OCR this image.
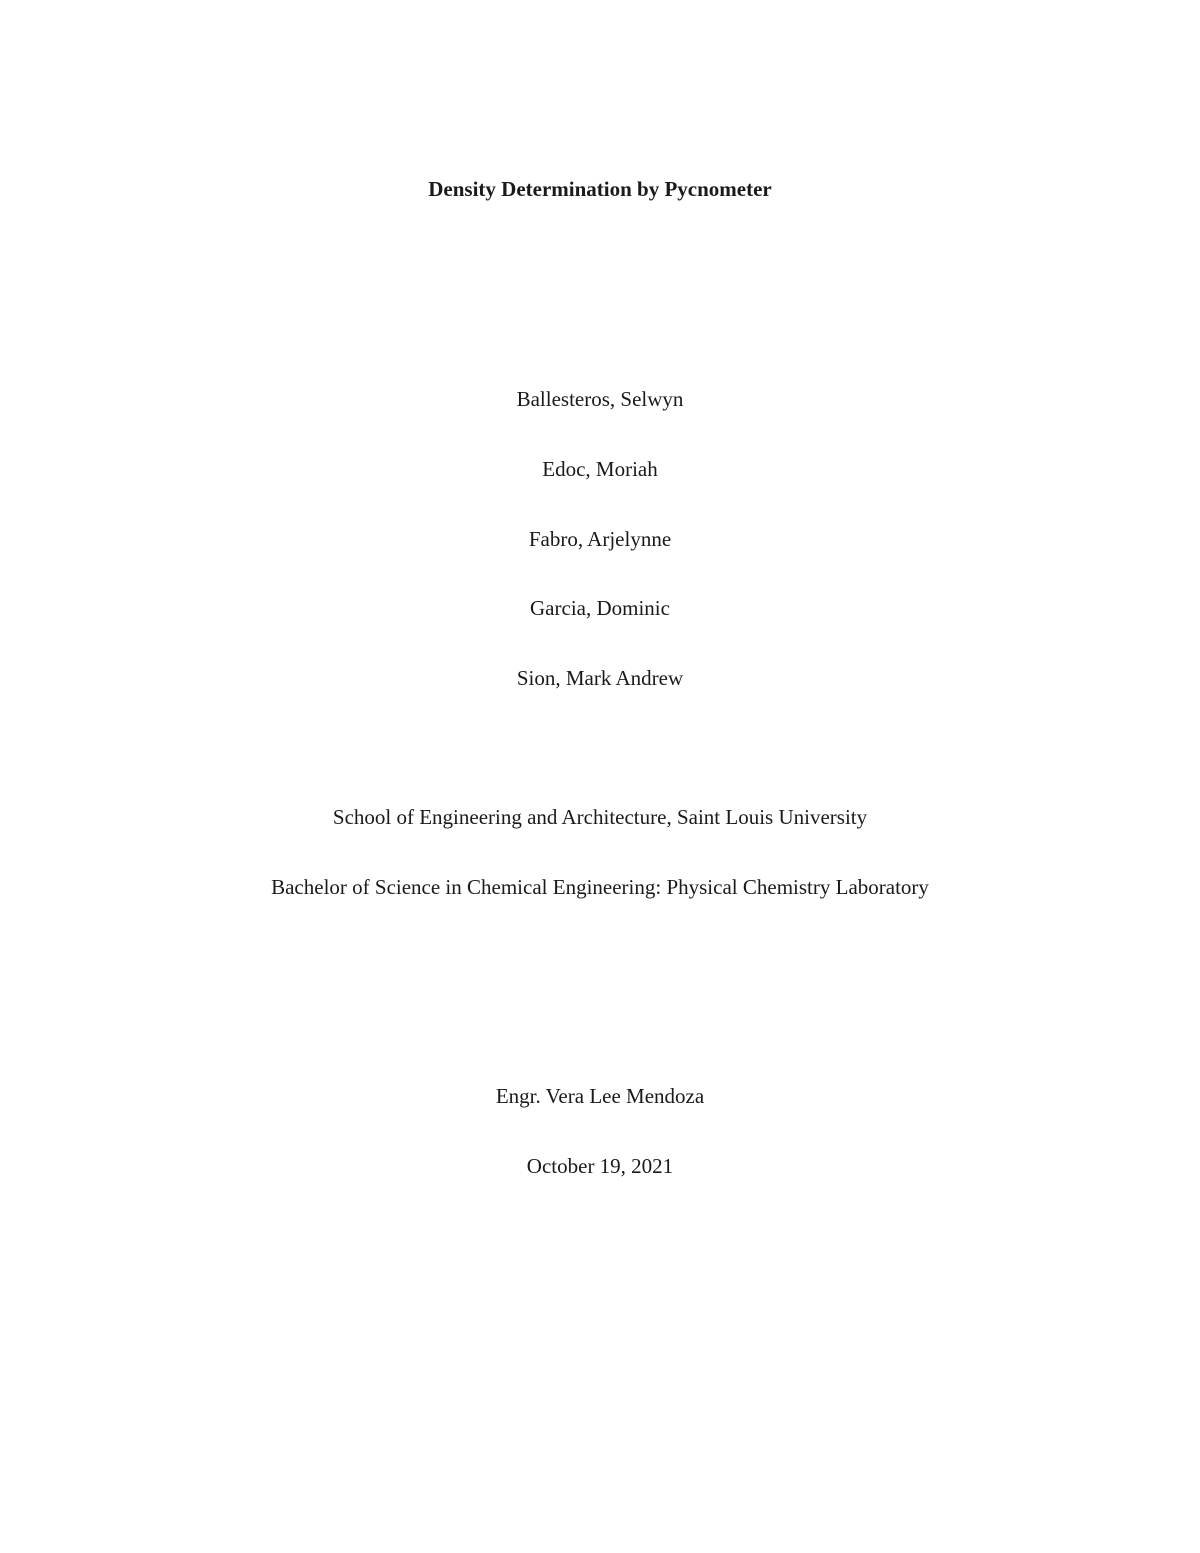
Density Determination by Pycnometer
Ballesteros, Selwyn
Edoc, Moriah
Fabro, Arjelynne
Garcia, Dominic
Sion, Mark Andrew
School of Engineering and Architecture, Saint Louis University
Bachelor of Science in Chemical Engineering: Physical Chemistry Laboratory
Engr. Vera Lee Mendoza
October 19, 2021
